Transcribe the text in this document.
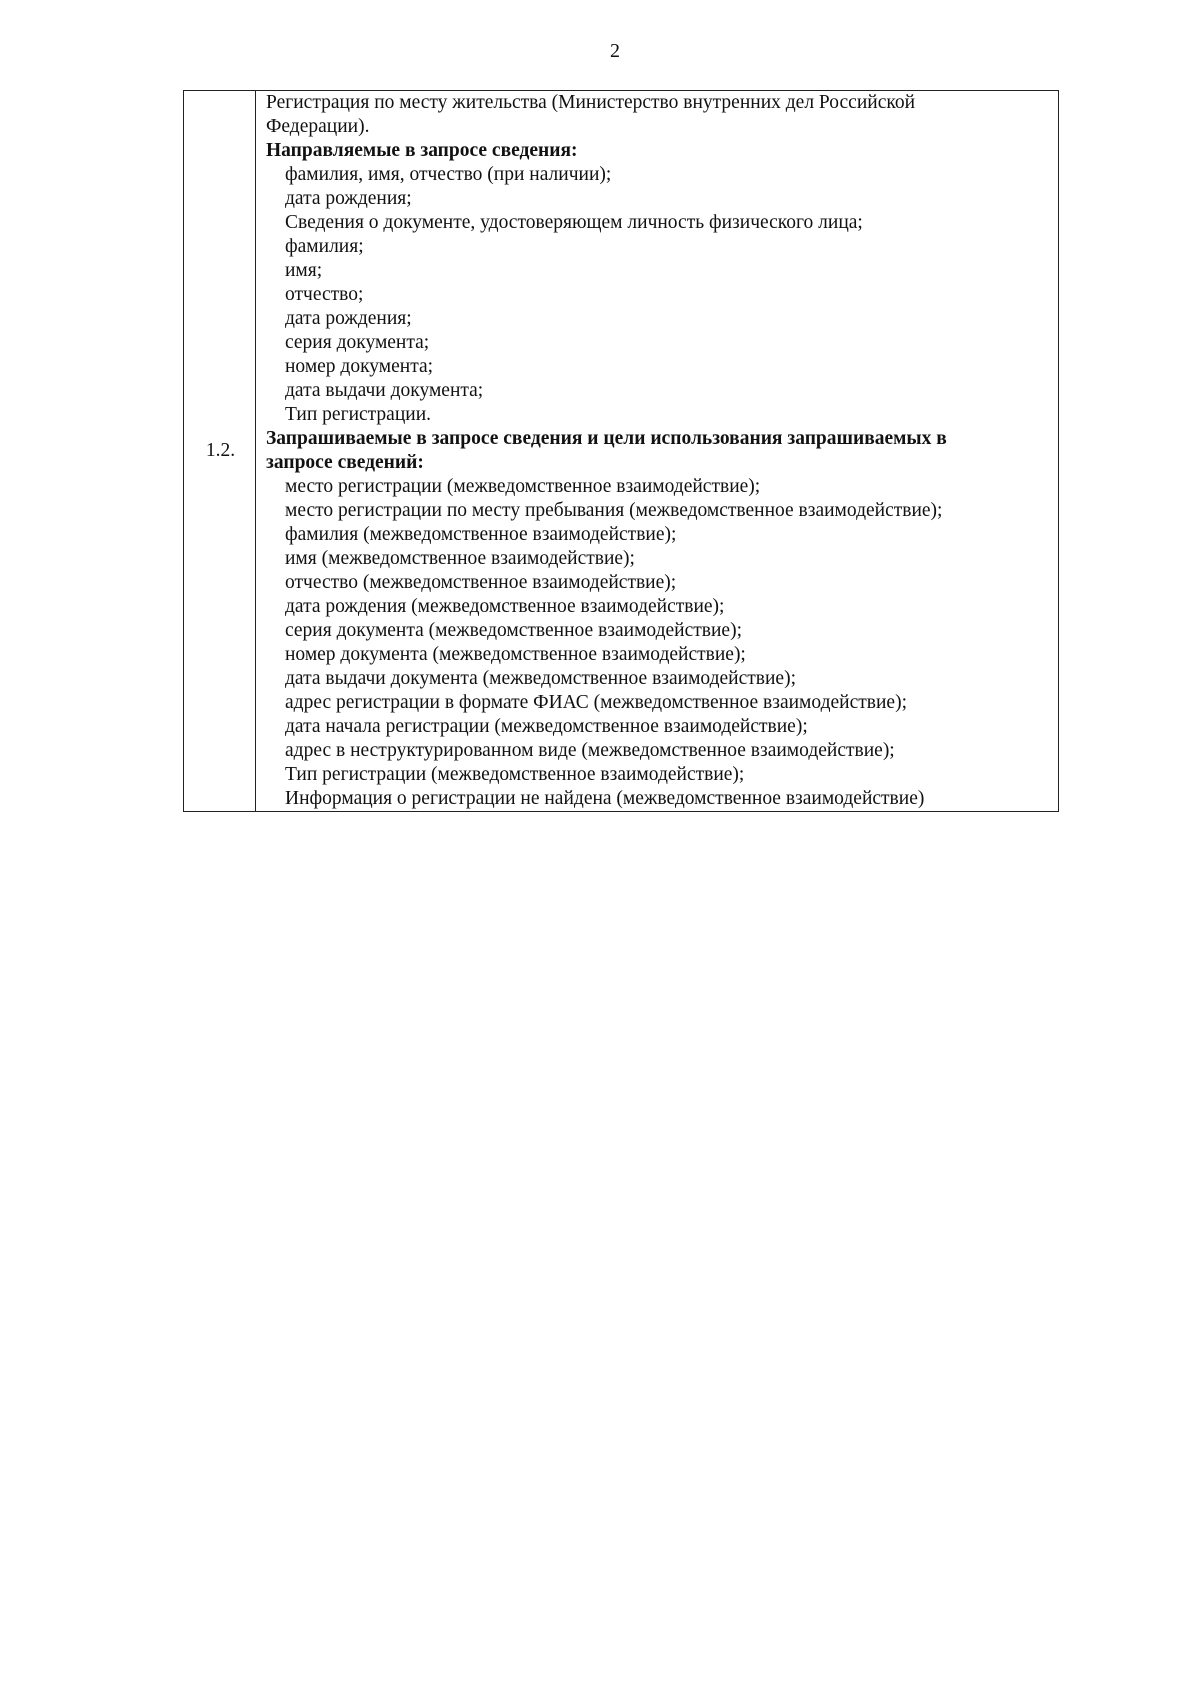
2
1.2.	
Регистрация по месту жительства (Министерство внутренних дел Российской
Федерации).
Направляемые в запросе сведения:
фамилия, имя, отчество (при наличии);
дата рождения;
Сведения о документе, удостоверяющем личность физического лица;
фамилия;
имя;
отчество;
дата рождения;
серия документа;
номер документа;
дата выдачи документа;
Тип регистрации.
Запрашиваемые в запросе сведения и цели использования запрашиваемых в
запросе сведений:
место регистрации (межведомственное взаимодействие);
место регистрации по месту пребывания (межведомственное взаимодействие);
фамилия (межведомственное взаимодействие);
имя (межведомственное взаимодействие);
отчество (межведомственное взаимодействие);
дата рождения (межведомственное взаимодействие);
серия документа (межведомственное взаимодействие);
номер документа (межведомственное взаимодействие);
дата выдачи документа (межведомственное взаимодействие);
адрес регистрации в формате ФИАС (межведомственное взаимодействие);
дата начала регистрации (межведомственное взаимодействие);
адрес в неструктурированном виде (межведомственное взаимодействие);
Тип регистрации (межведомственное взаимодействие);
Информация о регистрации не найдена (межведомственное взаимодействие)
